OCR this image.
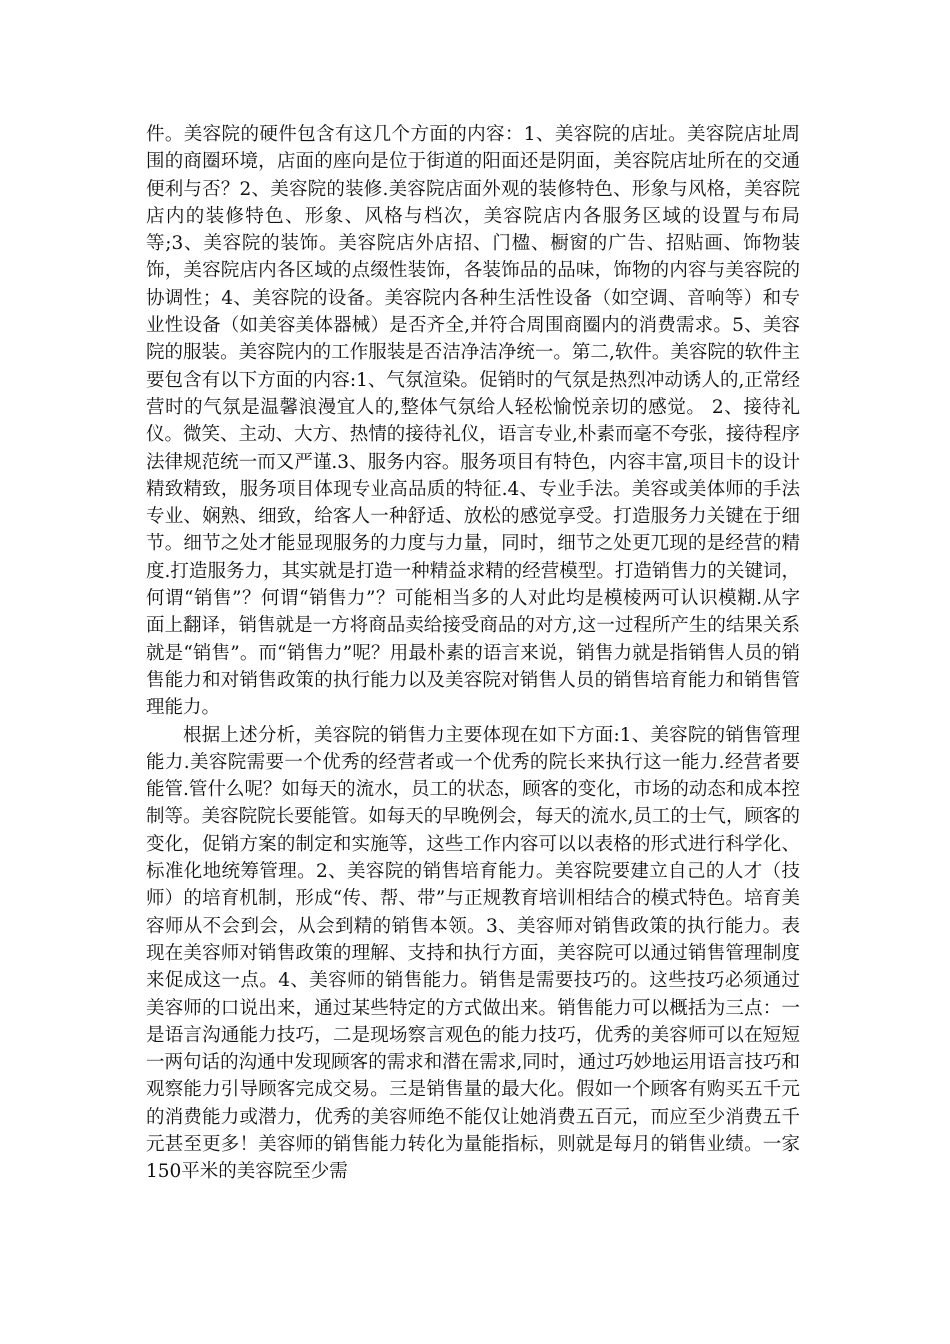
件。美容院的硬件包含有这几个方面的内容：1、美容院的店址。美容院店址周围的商圈环境，店面的座向是位于街道的阳面还是阴面，美容院店址所在的交通便利与否？2、美容院的装修.美容院店面外观的装修特色、形象与风格，美容院店内的装修特色、形象、风格与档次，美容院店内各服务区域的设置与布局等;3、美容院的装饰。美容院店外店招、门楹、橱窗的广告、招贴画、饰物装饰，美容院店内各区域的点缀性装饰，各装饰品的品味，饰物的内容与美容院的协调性；4、美容院的设备。美容院内各种生活性设备（如空调、音响等）和专业性设备（如美容美体器械）是否齐全,并符合周围商圈内的消费需求。5、美容院的服装。美容院内的工作服装是否洁净洁净统一。第二,软件。美容院的软件主要包含有以下方面的内容:1、气氛渲染。促销时的气氛是热烈冲动诱人的,正常经营时的气氛是温馨浪漫宜人的,整体气氛给人轻松愉悦亲切的感觉。 2、接待礼仪。微笑、主动、大方、热情的接待礼仪，语言专业,朴素而毫不夸张，接待程序法律规范统一而又严谨.3、服务内容。服务项目有特色，内容丰富,项目卡的设计精致精致，服务项目体现专业高品质的特征.4、专业手法。美容或美体师的手法专业、娴熟、细致，给客人一种舒适、放松的感觉享受。打造服务力关键在于细节。细节之处才能显现服务的力度与力量，同时，细节之处更兀现的是经营的精度.打造服务力，其实就是打造一种精益求精的经营模型。打造销售力的关键词，何谓“销售”？何谓“销售力”？可能相当多的人对此均是模棱两可认识模糊.从字面上翻译，销售就是一方将商品卖给接受商品的对方,这一过程所产生的结果关系就是“销售”。而“销售力”呢？用最朴素的语言来说，销售力就是指销售人员的销售能力和对销售政策的执行能力以及美容院对销售人员的销售培育能力和销售管理能力。

根据上述分析，美容院的销售力主要体现在如下方面:1、美容院的销售管理能力.美容院需要一个优秀的经营者或一个优秀的院长来执行这一能力.经营者要能管.管什么呢？如每天的流水，员工的状态，顾客的变化，市场的动态和成本控制等。美容院院长要能管。如每天的早晚例会，每天的流水,员工的士气，顾客的变化，促销方案的制定和实施等，这些工作内容可以以表格的形式进行科学化、标准化地统筹管理。2、美容院的销售培育能力。美容院要建立自己的人才（技师）的培育机制，形成“传、帮、带”与正规教育培训相结合的模式特色。培育美容师从不会到会，从会到精的销售本领。3、美容师对销售政策的执行能力。表现在美容师对销售政策的理解、支持和执行方面，美容院可以通过销售管理制度来促成这一点。4、美容师的销售能力。销售是需要技巧的。这些技巧必须通过美容师的口说出来，通过某些特定的方式做出来。销售能力可以概括为三点：一是语言沟通能力技巧，二是现场察言观色的能力技巧，优秀的美容师可以在短短一两句话的沟通中发现顾客的需求和潜在需求,同时，通过巧妙地运用语言技巧和观察能力引导顾客完成交易。三是销售量的最大化。假如一个顾客有购买五千元的消费能力或潜力，优秀的美容师绝不能仅让她消费五百元，而应至少消费五千元甚至更多！美容师的销售能力转化为量能指标，则就是每月的销售业绩。一家150平米的美容院至少需
